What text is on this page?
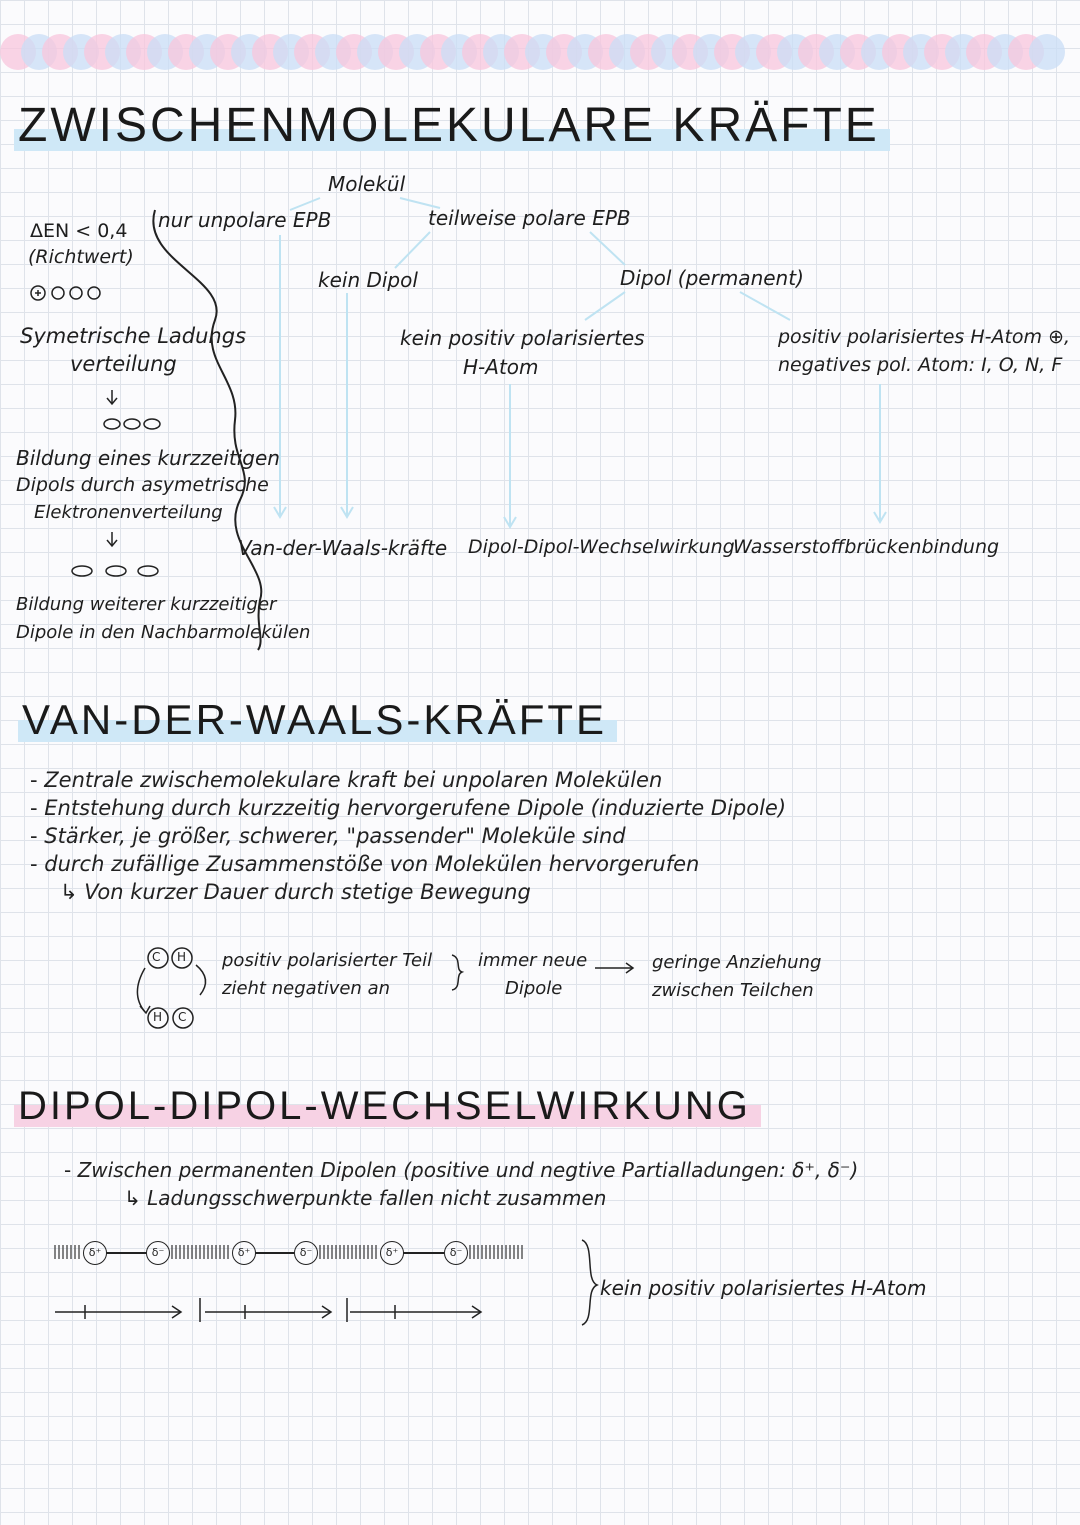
ZWISCHENMOLEKULARE KRÄFTE
Molekül
nur unpolare EPB	teilweise polare EPB
ΔEN < 0,4
(Richtwert)
kein Dipol	Dipol (permanent)
kein positiv polarisiertes
H-Atom
positiv polarisiertes H-Atom ⊕,
negatives pol. Atom: I, O, N, F
Symetrische Ladungs
verteilung
Bildung eines kurzzeitigen
Dipols durch asymetrische
Elektronenverteilung
Bildung weiterer kurzzeitiger
Dipole in den Nachbarmolekülen
Van-der-Waals-kräfte Dipol-Dipol-Wechselwirkung
Wasserstoffbrückenbindung
VAN-DER-WAALS-KRÄFTE
- Zentrale zwischemolekulare kraft bei unpolaren Molekülen
- Entstehung durch kurzzeitig hervorgerufene Dipole (induzierte Dipole)
- Stärker, je größer, schwerer, "passender" Moleküle sind
- durch zufällige Zusammenstöße von Molekülen hervorgerufen
↳ Von kurzer Dauer durch stetige Bewegung
C H
H C
positiv polarisierter Teil
zieht negativen an
immer neue
Dipole
geringe Anziehung
zwischen Teilchen
DIPOL-DIPOL-WECHSELWIRKUNG
- Zwischen permanenten Dipolen (positive und negtive Partialladungen: δ⁺, δ⁻)
↳ Ladungsschwerpunkte fallen nicht zusammen
δ⁺	δ⁻	δ⁺	δ⁻	δ⁺	δ⁻
kein positiv polarisiertes H-Atom
